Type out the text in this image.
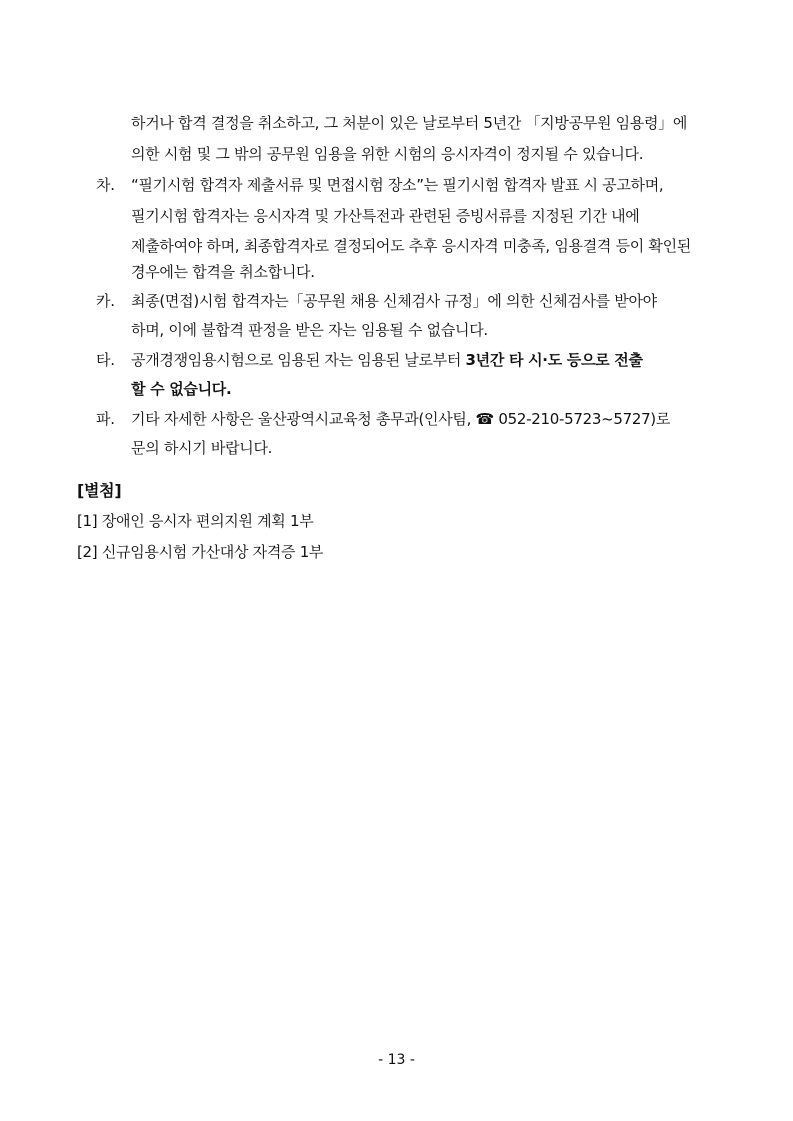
하거나 합격 결정을 취소하고, 그 처분이 있은 날로부터 5년간 「지방공무원 임용령」에
의한 시험 및 그 밖의 공무원 임용을 위한 시험의 응시자격이 정지될 수 있습니다.
차. “필기시험 합격자 제출서류 및 면접시험 장소”는 필기시험 합격자 발표 시 공고하며,
필기시험 합격자는 응시자격 및 가산특전과 관련된 증빙서류를 지정된 기간 내에
제출하여야 하며, 최종합격자로 결정되어도 추후 응시자격 미충족, 임용결격 등이 확인된
경우에는 합격을 취소합니다.
카. 최종(면접)시험 합격자는「공무원 채용 신체검사 규정」에 의한 신체검사를 받아야
하며, 이에 불합격 판정을 받은 자는 임용될 수 없습니다.
타. 공개경쟁임용시험으로 임용된 자는 임용된 날로부터 3년간 타 시·도 등으로 전출
할 수 없습니다.
파. 기타 자세한 사항은 울산광역시교육청 총무과(인사팀, ☎ 052-210-5723~5727)로
문의 하시기 바랍니다.
[별첨]
[1] 장애인 응시자 편의지원 계획 1부
[2] 신규임용시험 가산대상 자격증 1부
- 13 -
